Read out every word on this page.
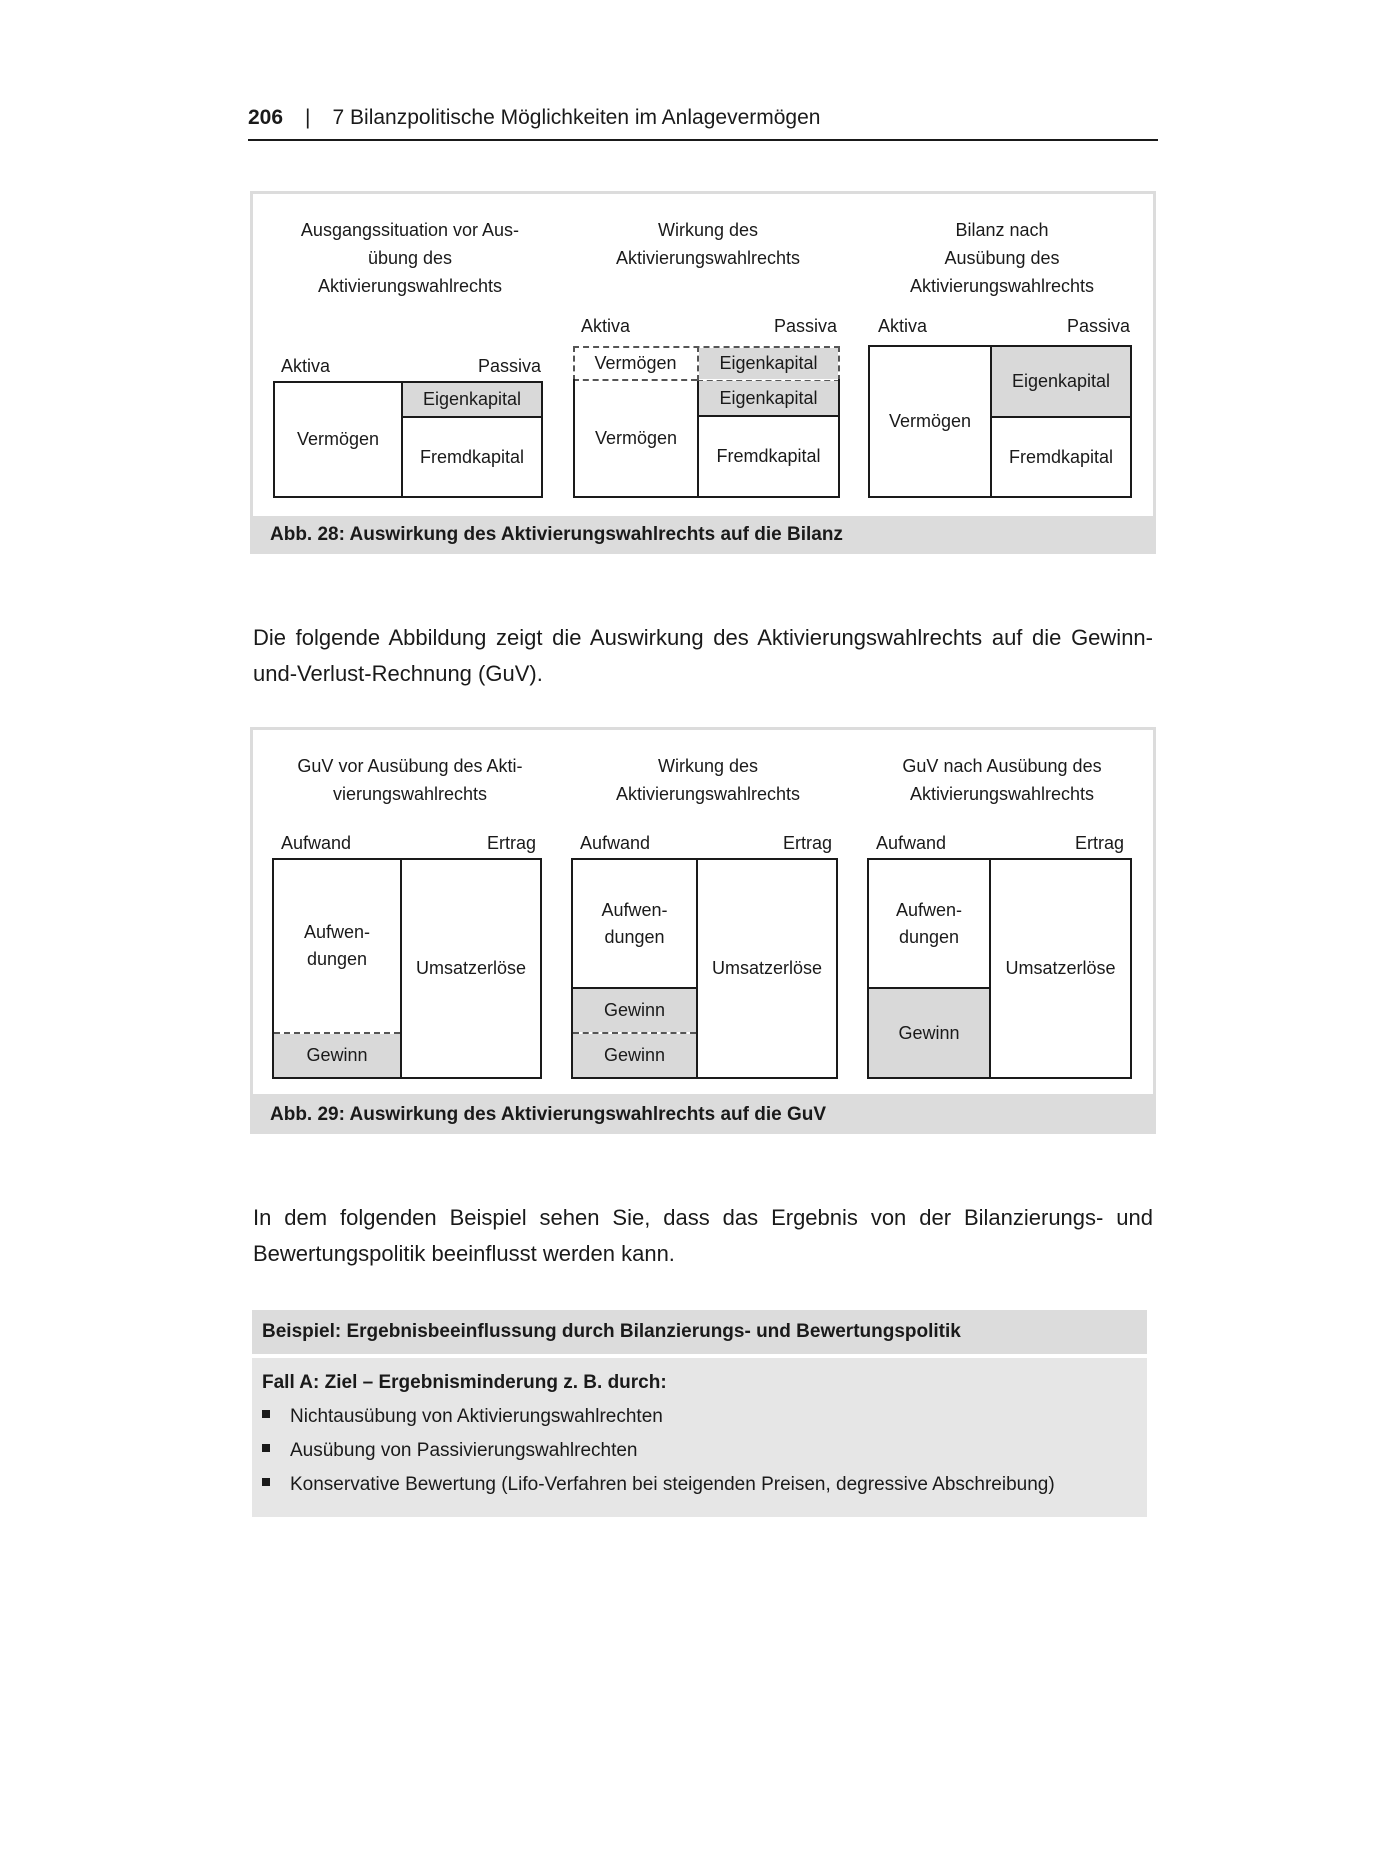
206 | 7 Bilanzpolitische Möglichkeiten im Anlagevermögen
Ausgangssituation vor Aus-
übung des
Aktivierungswahlrechts
Aktiva	Passiva
Vermögen
Eigenkapital
Fremdkapital
Wirkung des
Aktivierungswahlrechts
Aktiva	Passiva
Vermögen	Eigenkapital
Vermögen
Eigenkapital
Fremdkapital
Bilanz nach
Ausübung des
Aktivierungswahlrechts
Aktiva	Passiva
Vermögen
Eigenkapital
Fremdkapital
Abb. 28: Auswirkung des Aktivierungswahlrechts auf die Bilanz
Die folgende Abbildung zeigt die Auswirkung des Aktivierungswahlrechts auf die Gewinn-und-Verlust-Rechnung (GuV).
GuV vor Ausübung des Akti-
vierungswahlrechts
Aufwand	Ertrag
Aufwen-
dungen
Gewinn
Umsatzerlöse
Wirkung des
Aktivierungswahlrechts
Aufwand	Ertrag
Aufwen-
dungen
Gewinn
Gewinn
Umsatzerlöse
GuV nach Ausübung des
Aktivierungswahlrechts
Aufwand	Ertrag
Aufwen-
dungen
Gewinn
Umsatzerlöse
Abb. 29: Auswirkung des Aktivierungswahlrechts auf die GuV
In dem folgenden Beispiel sehen Sie, dass das Ergebnis von der Bilanzierungs- und Bewertungspolitik beeinflusst werden kann.
Beispiel: Ergebnisbeeinflussung durch Bilanzierungs- und Bewertungspolitik
Fall A: Ziel – Ergebnisminderung z. B. durch:
Nichtausübung von Aktivierungswahlrechten
Ausübung von Passivierungswahlrechten
Konservative Bewertung (Lifo-Verfahren bei steigenden Preisen, degressive Abschreibung)
